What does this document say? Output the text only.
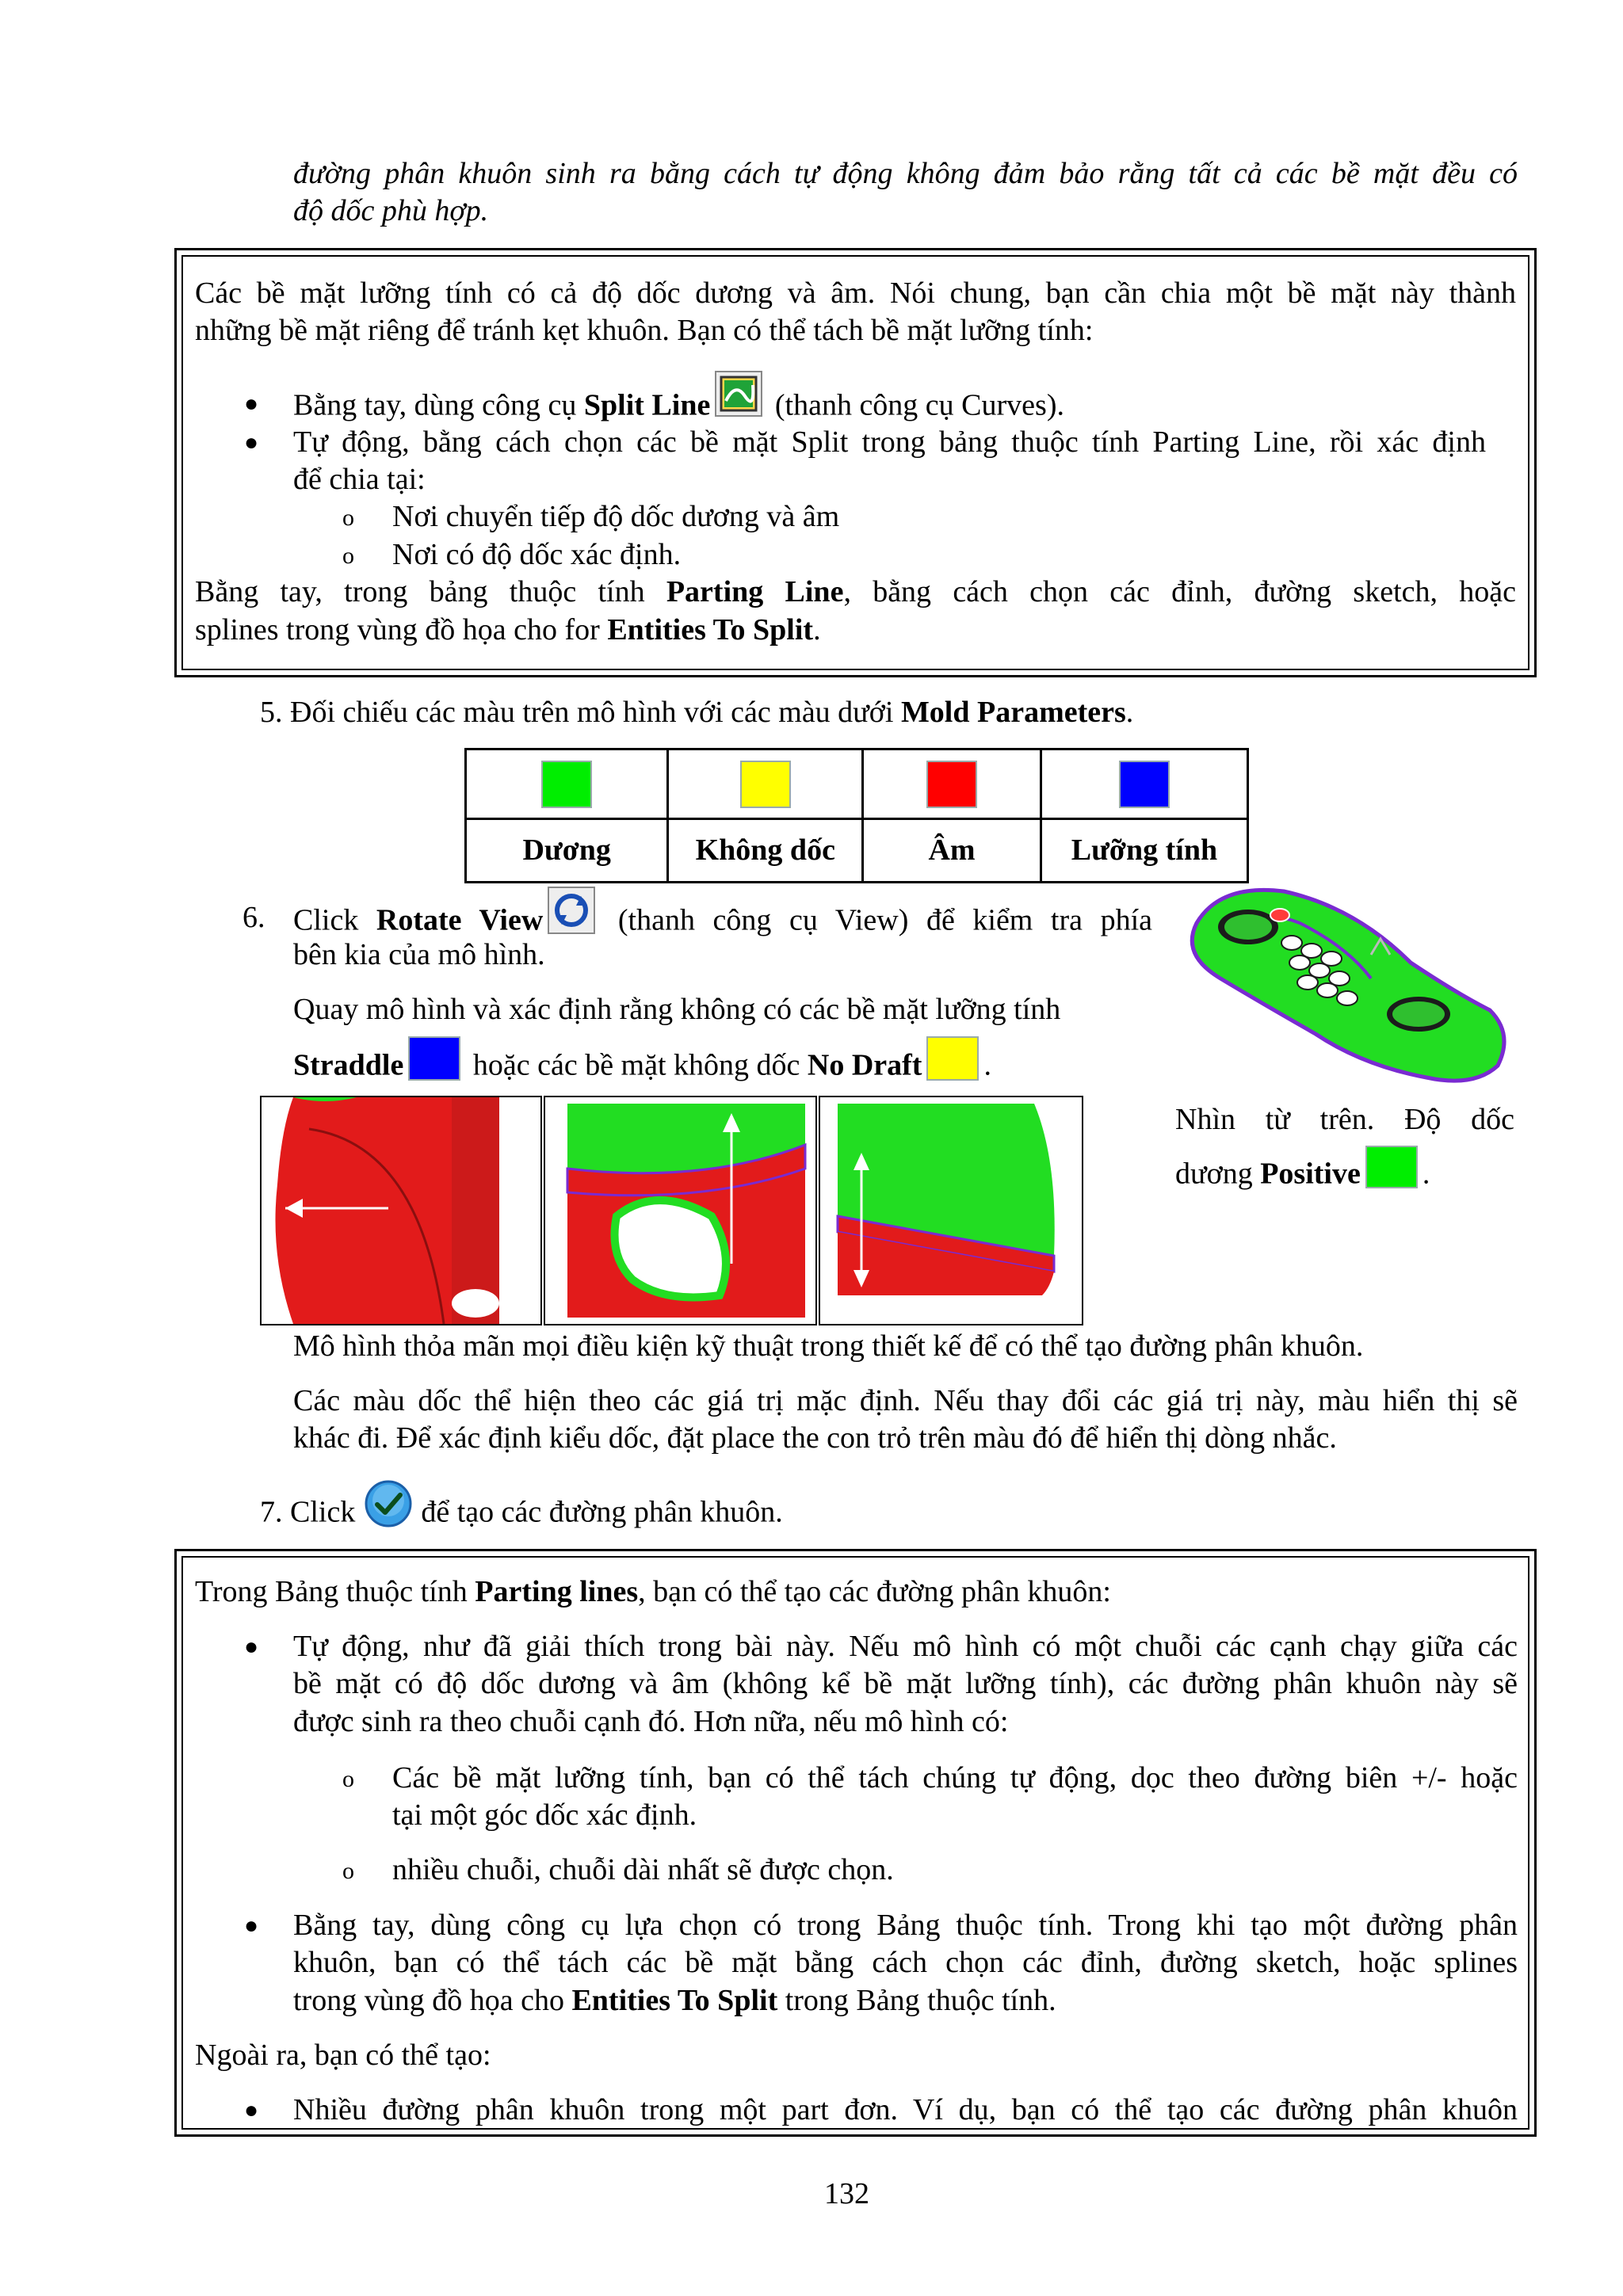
đường phân khuôn sinh ra bằng cách tự động không đảm bảo rằng tất cả các bề mặt đều có
độ dốc phù hợp.
Các bề mặt lưỡng tính có cả độ dốc dương và âm. Nói chung, bạn cần chia một bề mặt này thành
những bề mặt riêng để tránh kẹt khuôn. Bạn có thể tách bề mặt lưỡng tính:
● Bằng tay, dùng công cụ Split Line (thanh công cụ Curves).
● Tự động, bằng cách chọn các bề mặt Split trong bảng thuộc tính Parting Line, rồi xác định
để chia tại:
o Nơi chuyển tiếp độ dốc dương và âm
o Nơi có độ dốc xác định.
Bằng tay, trong bảng thuộc tính Parting Line, bằng cách chọn các đỉnh, đường sketch, hoặc
splines trong vùng đồ họa cho for Entities To Split.
5. Đối chiếu các màu trên mô hình với các màu dưới Mold Parameters.

Dương	Không dốc	Âm	Lưỡng tính
6. Click Rotate View (thanh công cụ View) để kiểm tra phía
bên kia của mô hình.
Quay mô hình và xác định rằng không có các bề mặt lưỡng tính
Straddle hoặc các bề mặt không dốc No Draft .
Nhìn từ trên. Độ dốc
dương Positive .
Mô hình thỏa mãn mọi điều kiện kỹ thuật trong thiết kế để có thể tạo đường phân khuôn.
Các màu dốc thể hiện theo các giá trị mặc định. Nếu thay đổi các giá trị này, màu hiển thị sẽ
khác đi. Để xác định kiểu dốc, đặt place the con trỏ trên màu đó để hiển thị dòng nhắc.
7. Click  để tạo các đường phân khuôn.
Trong Bảng thuộc tính Parting lines, bạn có thể tạo các đường phân khuôn:
● Tự động, như đã giải thích trong bài này. Nếu mô hình có một chuỗi các cạnh chạy giữa các
bề mặt có độ dốc dương và âm (không kể bề mặt lưỡng tính), các đường phân khuôn này sẽ
được sinh ra theo chuỗi cạnh đó. Hơn nữa, nếu mô hình có:
o Các bề mặt lưỡng tính, bạn có thể tách chúng tự động, dọc theo đường biên +/- hoặc
tại một góc dốc xác định.
o nhiều chuỗi, chuỗi dài nhất sẽ được chọn.
● Bằng tay, dùng công cụ lựa chọn có trong Bảng thuộc tính. Trong khi tạo một đường phân
khuôn, bạn có thể tách các bề mặt bằng cách chọn các đỉnh, đường sketch, hoặc splines
trong vùng đồ họa cho Entities To Split trong Bảng thuộc tính.
Ngoài ra, bạn có thể tạo:
● Nhiều đường phân khuôn trong một part đơn. Ví dụ, bạn có thể tạo các đường phân khuôn
132
